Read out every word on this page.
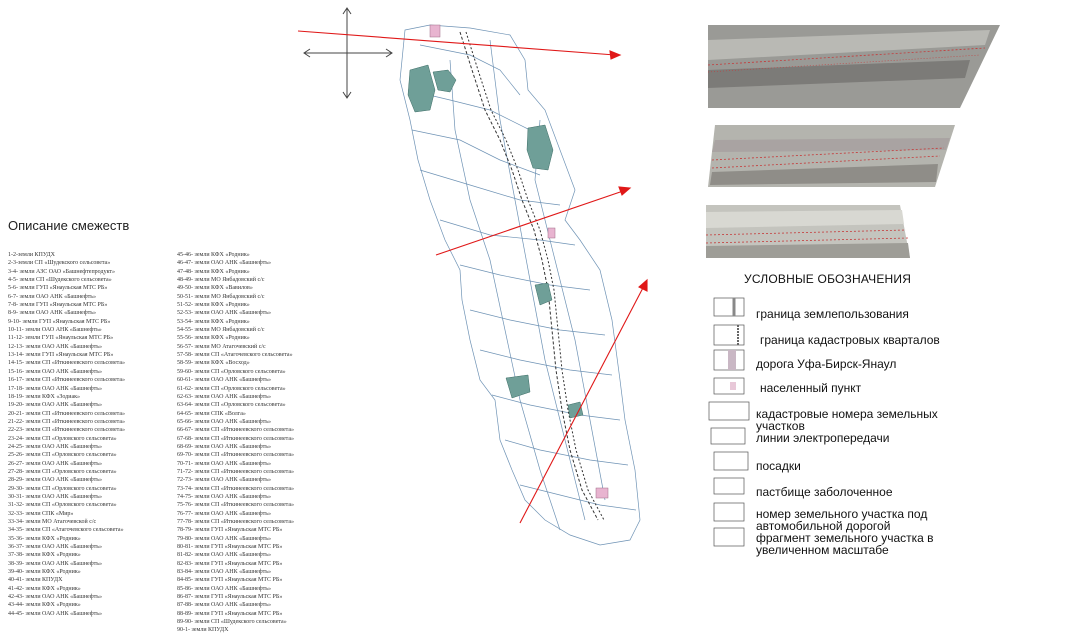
Описание смежеств
1-2-земли КПУДХ
2-3-земли СП «Шудекского сельсовета»
3-4- земли АЗС ОАО «Башнефтепродукт»
4-5- земли СП «Шудекского сельсовета»
5-6- земли ГУП «Янаульская МТС РБ»
6-7- земли ОАО АНК «Башнефть»
7-8- земли ГУП «Янаульская МТС РБ»
8-9- земли ОАО АНК «Башнефть»
9-10- земли ГУП «Янаульская МТС РБ»
10-11- земли ОАО АНК «Башнефть»
11-12- земли ГУП «Янаульская МТС РБ»
12-13- земли ОАО АНК «Башнефть»
13-14- земли ГУП «Янаульская МТС РБ»
14-15- земли СП «Иткинеевского сельсовета»
15-16- земли ОАО АНК «Башнефть»
16-17- земли СП «Иткинеевского сельсовета»
17-18- земли ОАО АНК «Башнефть»
18-19- земли КФХ «Зодиак»
19-20- земли ОАО АНК «Башнефть»
20-21- земли СП «Иткинеевского сельсовета»
21-22- земли СП «Иткинеевского сельсовета»
22-23- земли СП «Иткинеевского сельсовета»
23-24- земли СП «Орловского сельсовета»
24-25- земли ОАО АНК «Башнефть»
25-26- земли СП «Орловского сельсовета»
26-27- земли ОАО АНК «Башнефть»
27-28- земли СП «Орловского сельсовета»
28-29- земли ОАО АНК «Башнефть»
29-30- земли СП «Орловского сельсовета»
30-31- земли ОАО АНК «Башнефть»
31-32- земли СП «Орловского сельсовета»
32-33- земли СПК «Мир»
33-34- земли МО Атагочевской с/с
34-35- земли СП «Атагочевского сельсовета»
35-36- земли КФХ «Родник»
36-37- земли ОАО АНК «Башнефть»
37-38- земли КФХ «Родник»
38-39- земли ОАО АНК «Башнефть»
39-40- земли КФХ «Родник»
40-41- земли КПУДХ
41-42- земли КФХ «Родник»
42-43- земли ОАО АНК «Башнефть»
43-44- земли КФХ «Родник»
44-45- земли ОАО АНК «Башнефть»
45-46- земли КФХ «Родник»
46-47- земли ОАО АНК «Башнефть»
47-48- земли КФХ «Родник»
48-49- земли МО Янбадовский с/с
49-50- земли КФХ «Вавилов»
50-51- земли МО Янбадовский с/с
51-52- земли КФХ «Родник»
52-53- земли ОАО АНК «Башнефть»
53-54- земли КФХ «Родник»
54-55- земли МО Янбадовский с/с
55-56- земли КФХ «Родник»
56-57- земли МО Атагочевский с/с
57-58- земли СП «Атагочевского сельсовета»
58-59- земли КФХ «Восход»
59-60- земли СП «Орловского сельсовета»
60-61- земли ОАО АНК «Башнефть»
61-62- земли СП «Орловского сельсовета»
62-63- земли ОАО АНК «Башнефть»
63-64- земли СП «Орловского сельсовета»
64-65- земли СПК «Волга»
65-66- земли ОАО АНК «Башнефть»
66-67- земли СП «Иткинеевского сельсовета»
67-68- земли СП «Иткинеевского сельсовета»
68-69- земли ОАО АНК «Башнефть»
69-70- земли СП «Иткинеевского сельсовета»
70-71- земли ОАО АНК «Башнефть»
71-72- земли СП «Иткинеевского сельсовета»
72-73- земли ОАО АНК «Башнефть»
73-74- земли СП «Иткинеевского сельсовета»
74-75- земли ОАО АНК «Башнефть»
75-76- земли СП «Иткинеевского сельсовета»
76-77- земли ОАО АНК «Башнефть»
77-78- земли СП «Иткинеевского сельсовета»
78-79- земли ГУП «Янаульская МТС РБ»
79-80- земли ОАО АНК «Башнефть»
80-81- земли ГУП «Янаульская МТС РБ»
81-82- земли ОАО АНК «Башнефть»
82-83- земли ГУП «Янаульская МТС РБ»
83-84- земли ОАО АНК «Башнефть»
84-85- земли ГУП «Янаульская МТС РБ»
85-86- земли ОАО АНК «Башнефть»
86-87- земли ГУП «Янаульская МТС РБ»
87-88- земли ОАО АНК «Башнефть»
88-89- земли ГУП «Янаульская МТС РБ»
89-90- земли СП «Шудекского сельсовета»
90-1- земли КПУДХ
УСЛОВНЫЕ ОБОЗНАЧЕНИЯ
граница землепользования
граница кадастровых кварталов
дорога Уфа-Бирск-Янаул
населенный пункт
кадастровые номера земельных участков
линии электропередачи
посадки
пастбище заболоченное
номер земельного участка под автомобильной дорогой
фрагмент земельного участка в увеличенном масштабе
